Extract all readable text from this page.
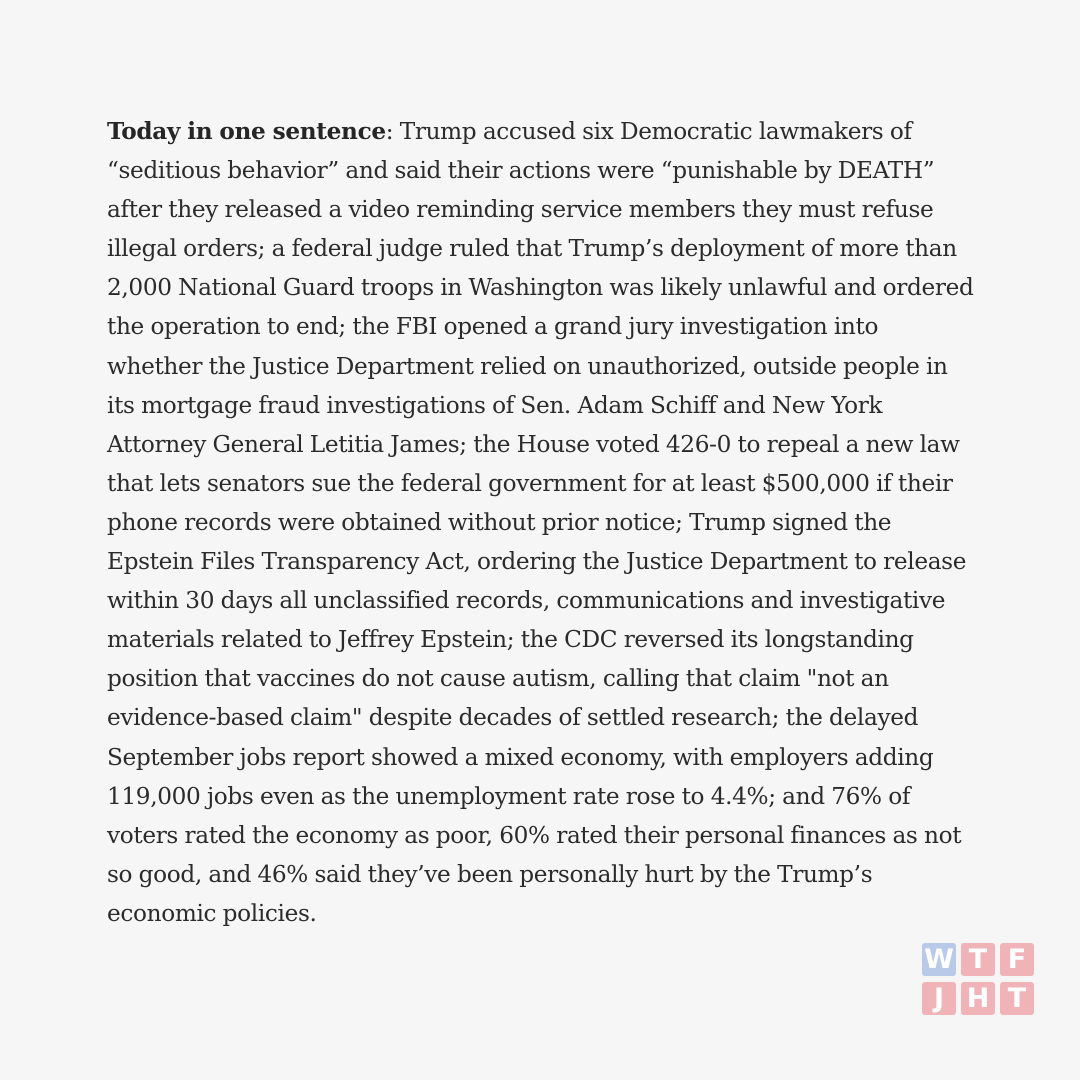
Today in one sentence: Trump accused six Democratic lawmakers of “seditious behavior” and said their actions were “punishable by DEATH” after they released a video reminding service members they must refuse illegal orders; a federal judge ruled that Trump’s deployment of more than 2,000 National Guard troops in Washington was likely unlawful and ordered the operation to end; the FBI opened a grand jury investigation into whether the Justice Department relied on unauthorized, outside people in its mortgage fraud investigations of Sen. Adam Schiff and New York Attorney General Letitia James; the House voted 426-0 to repeal a new law that lets senators sue the federal government for at least $500,000 if their phone records were obtained without prior notice; Trump signed the Epstein Files Transparency Act, ordering the Justice Department to release within 30 days all unclassified records, communications and investigative materials related to Jeffrey Epstein; the CDC reversed its longstanding position that vaccines do not cause autism, calling that claim "not an evidence-based claim" despite decades of settled research; the delayed September jobs report showed a mixed economy, with employers adding 119,000 jobs even as the unemployment rate rose to 4.4%; and 76% of voters rated the economy as poor, 60% rated their personal finances as not so good, and 46% said they’ve been personally hurt by the Trump’s economic policies.

W T F
J H T
